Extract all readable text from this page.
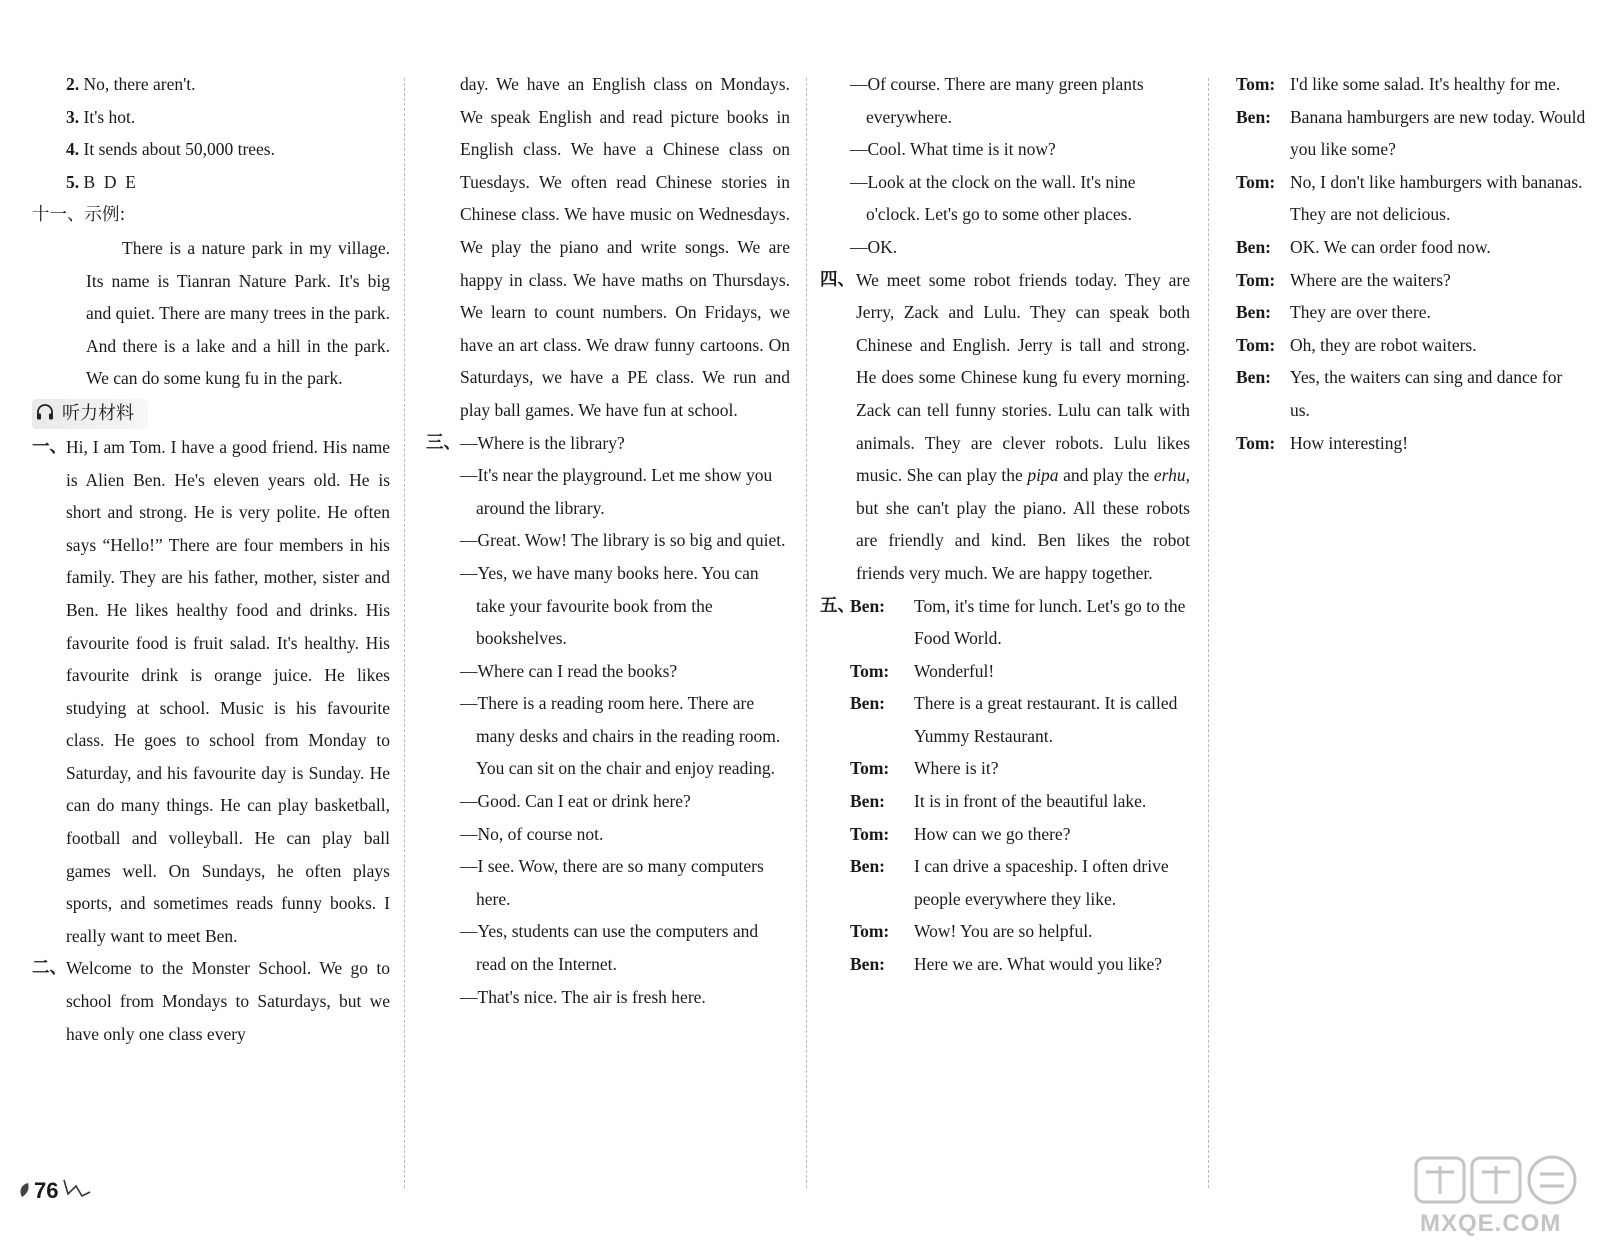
2. No, there aren't.

3. It's hot.

4. It sends about 50,000 trees.

5. B  D  E

十一、示例:

There is a nature park in my village. Its name is Tianran Nature Park. It's big and quiet. There are many trees in the park. And there is a lake and a hill in the park. We can do some kung fu in the park.

听力材料
一、 Hi, I am Tom. I have a good friend. His name is Alien Ben. He's eleven years old. He is short and strong. He is very polite. He often says “Hello!” There are four members in his family. They are his father, mother, sister and Ben. He likes healthy food and drinks. His favourite food is fruit salad. It's healthy. His favourite drink is orange juice. He likes studying at school. Music is his favourite class. He goes to school from Monday to Saturday, and his favourite day is Sunday. He can do many things. He can play basketball, football and volleyball. He can play ball games well. On Sundays, he often plays sports, and sometimes reads funny books. I really want to meet Ben.
二、 Welcome to the Monster School. We go to school from Mondays to Saturdays, but we have only one class every

day. We have an English class on Mondays. We speak English and read picture books in English class. We have a Chinese class on Tuesdays. We often read Chinese stories in Chinese class. We have music on Wednesdays. We play the piano and write songs. We are happy in class. We have maths on Thursdays. We learn to count numbers. On Fridays, we have an art class. We draw funny cartoons. On Saturdays, we have a PE class. We run and play ball games. We have fun at school.

三、 —Where is the library?
—It's near the playground. Let me show you around the library.
—Great. Wow! The library is so big and quiet.
—Yes, we have many books here. You can take your favourite book from the bookshelves.
—Where can I read the books?
—There is a reading room here. There are many desks and chairs in the reading room. You can sit on the chair and enjoy reading.
—Good. Can I eat or drink here?
—No, of course not.
—I see. Wow, there are so many computers here.
—Yes, students can use the computers and read on the Internet.
—That's nice. The air is fresh here.
—Of course. There are many green plants everywhere.
—Cool. What time is it now?
—Look at the clock on the wall. It's nine o'clock. Let's go to some other places.
—OK.
四、 We meet some robot friends today. They are Jerry, Zack and Lulu. They can speak both Chinese and English. Jerry is tall and strong. He does some Chinese kung fu every morning. Zack can tell funny stories. Lulu can talk with animals. They are clever robots. Lulu likes music. She can play the pipa and play the erhu, but she can't play the piano. All these robots are friendly and kind. Ben likes the robot friends very much. We are happy together.
五、
Ben: Tom, it's time for lunch. Let's go to the Food World.
Tom: Wonderful!
Ben: There is a great restaurant. It is called Yummy Restaurant.
Tom: Where is it?
Ben: It is in front of the beautiful lake.
Tom: How can we go there?
Ben: I can drive a spaceship. I often drive people everywhere they like.
Tom: Wow! You are so helpful.
Ben: Here we are. What would you like?
Tom: I'd like some salad. It's healthy for me.
Ben: Banana hamburgers are new today. Would you like some?
Tom: No, I don't like hamburgers with bananas. They are not delicious.
Ben: OK. We can order food now.
Tom: Where are the waiters?
Ben: They are over there.
Tom: Oh, they are robot waiters.
Ben: Yes, the waiters can sing and dance for us.
Tom: How interesting!
76
MXQE.COM
